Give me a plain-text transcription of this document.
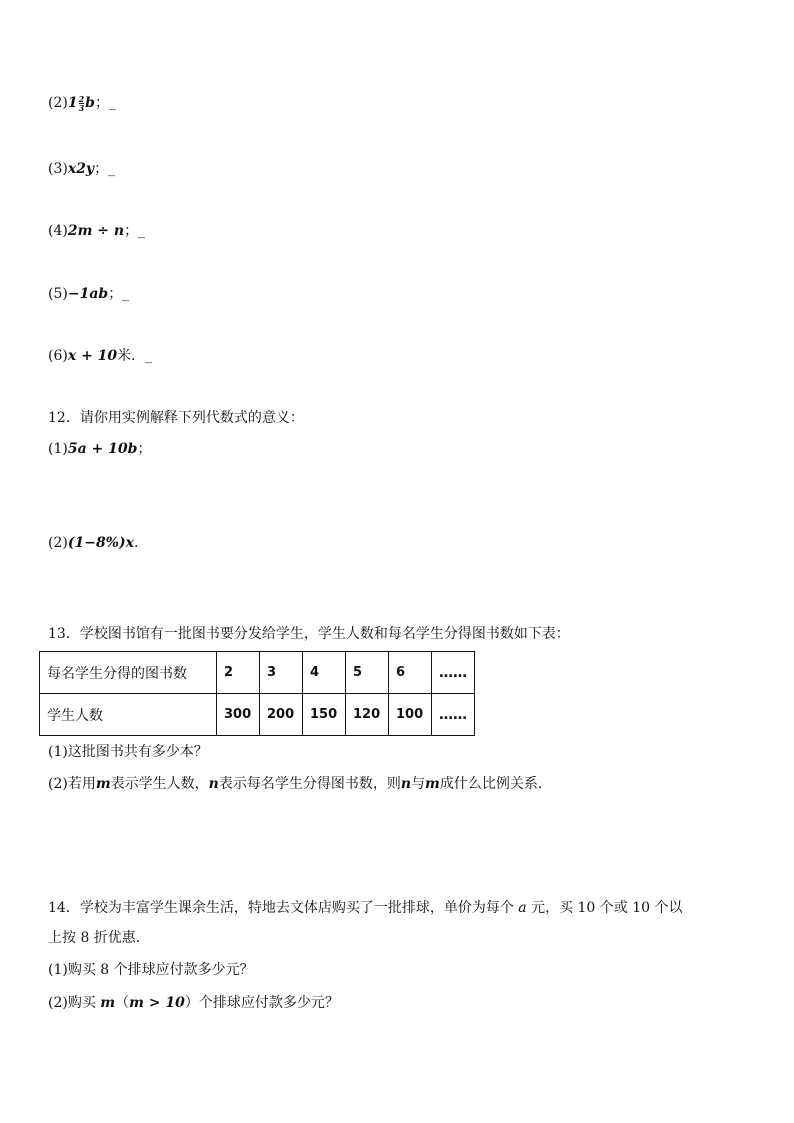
$(2)1 \frac{2}{3}$ b；_
(3)x2y；_
(4)2m ÷ n；_
(5)−1ab；_
(6)x + 10米．_
12．请你用实例解释下列代数式的意义：
(1)5a + 10b；
(2)(1−8%)x.
13．学校图书馆有一批图书要分发给学生，学生人数和每名学生分得图书数如下表：
每名学生分得的图书数	2	3	4	5	6	……
学生人数	300	200	150	120	100	……
(1)这批图书共有多少本？
(2)若用m表示学生人数，n表示每名学生分得图书数，则n与m成什么比例关系．
14．学校为丰富学生课余生活，特地去文体店购买了一批排球，单价为每个 a 元，买 10 个或 10 个以
上按 8 折优惠.
(1)购买 8 个排球应付款多少元？
(2)购买 m（m > 10）个排球应付款多少元？
